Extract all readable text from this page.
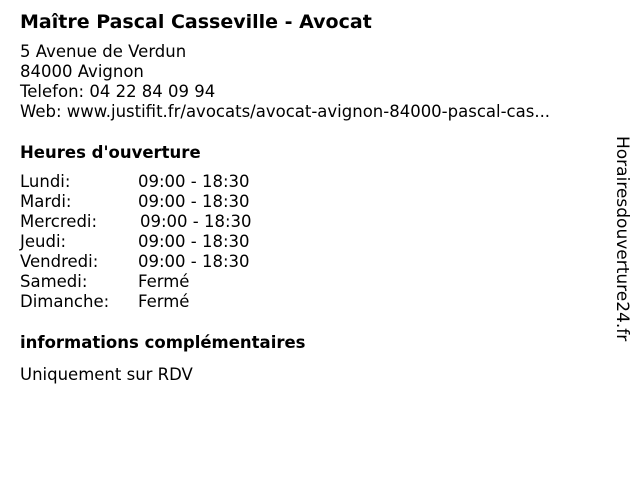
Maître Pascal Casseville - Avocat
5 Avenue de Verdun
84000 Avignon
Telefon: 04 22 84 09 94
Web: www.justifit.fr/avocats/avocat-avignon-84000-pascal-cas...
Heures d'ouverture
Lundi:	09:00 - 18:30
Mardi:	09:00 - 18:30
Mercredi:	09:00 - 18:30
Jeudi:	09:00 - 18:30
Vendredi: 09:00 - 18:30
Samedi:	Fermé
Dimanche: Fermé
informations complémentaires
Uniquement sur RDV
Horairesdouverture24.fr
